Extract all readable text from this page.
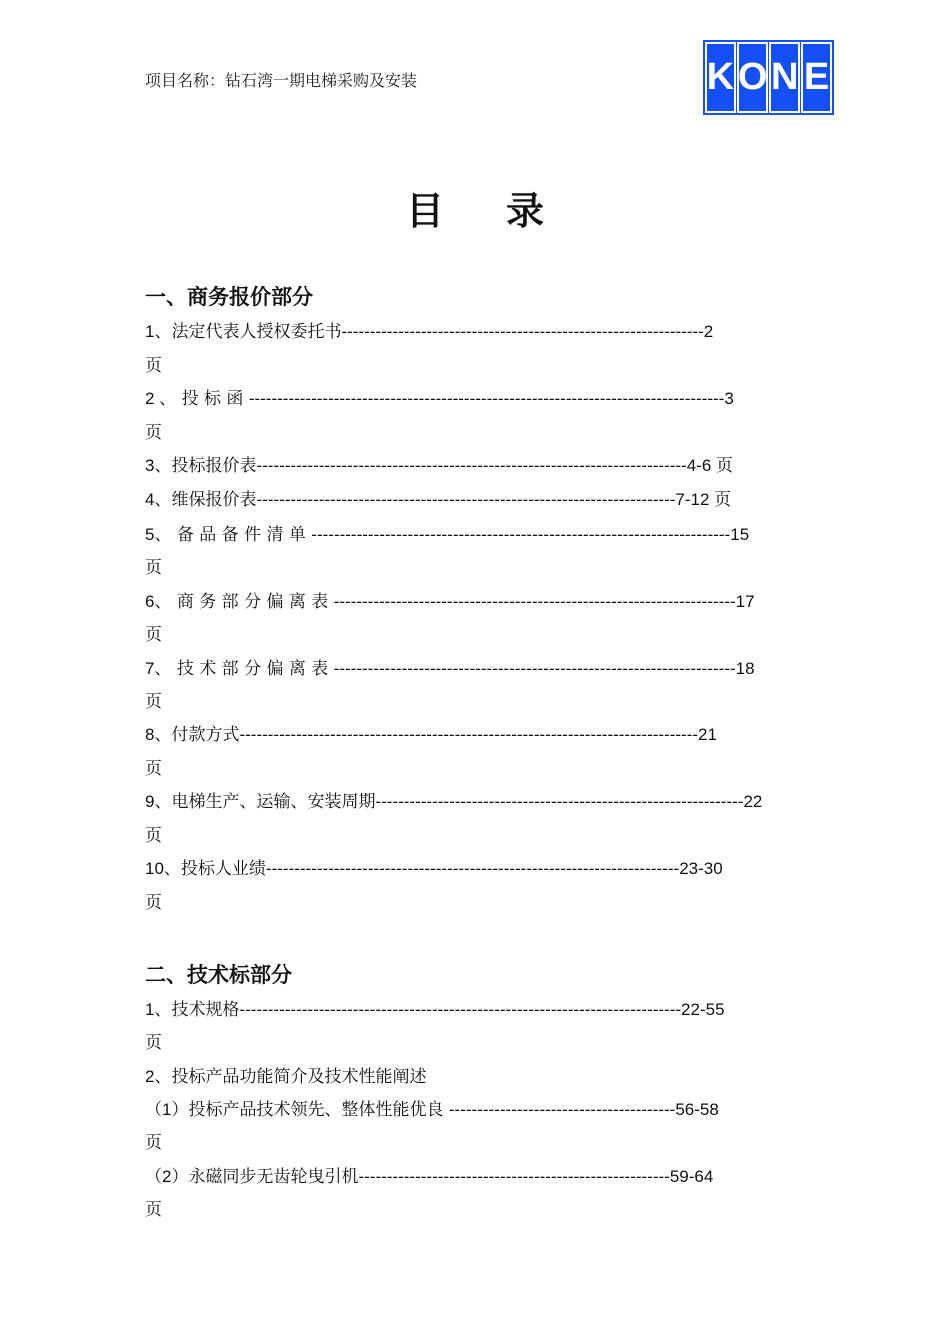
项目名称：钻石湾一期电梯采购及安装	K O N E
目 录
一、商务报价部分
1、法定代表人授权委托书----------------------------------------------------------------2
页
2 、 投 标 函 ------------------------------------------------------------------------------------3
页
3、投标报价表----------------------------------------------------------------------------4-6 页
4、维保报价表--------------------------------------------------------------------------7-12 页
5、 备 品 备 件 清 单 --------------------------------------------------------------------------15
页
6、 商 务 部 分 偏 离 表 -----------------------------------------------------------------------17
页
7、 技 术 部 分 偏 离 表 -----------------------------------------------------------------------18
页
8、付款方式---------------------------------------------------------------------------------21
页
9、电梯生产、运输、安装周期-----------------------------------------------------------------22
页
10、投标人业绩-------------------------------------------------------------------------23-30
页
二、技术标部分
1、技术规格------------------------------------------------------------------------------22-55
页
2、投标产品功能简介及技术性能阐述
（1）投标产品技术领先、整体性能优良 ----------------------------------------56-58
页
（2）永磁同步无齿轮曳引机-------------------------------------------------------59-64
页
